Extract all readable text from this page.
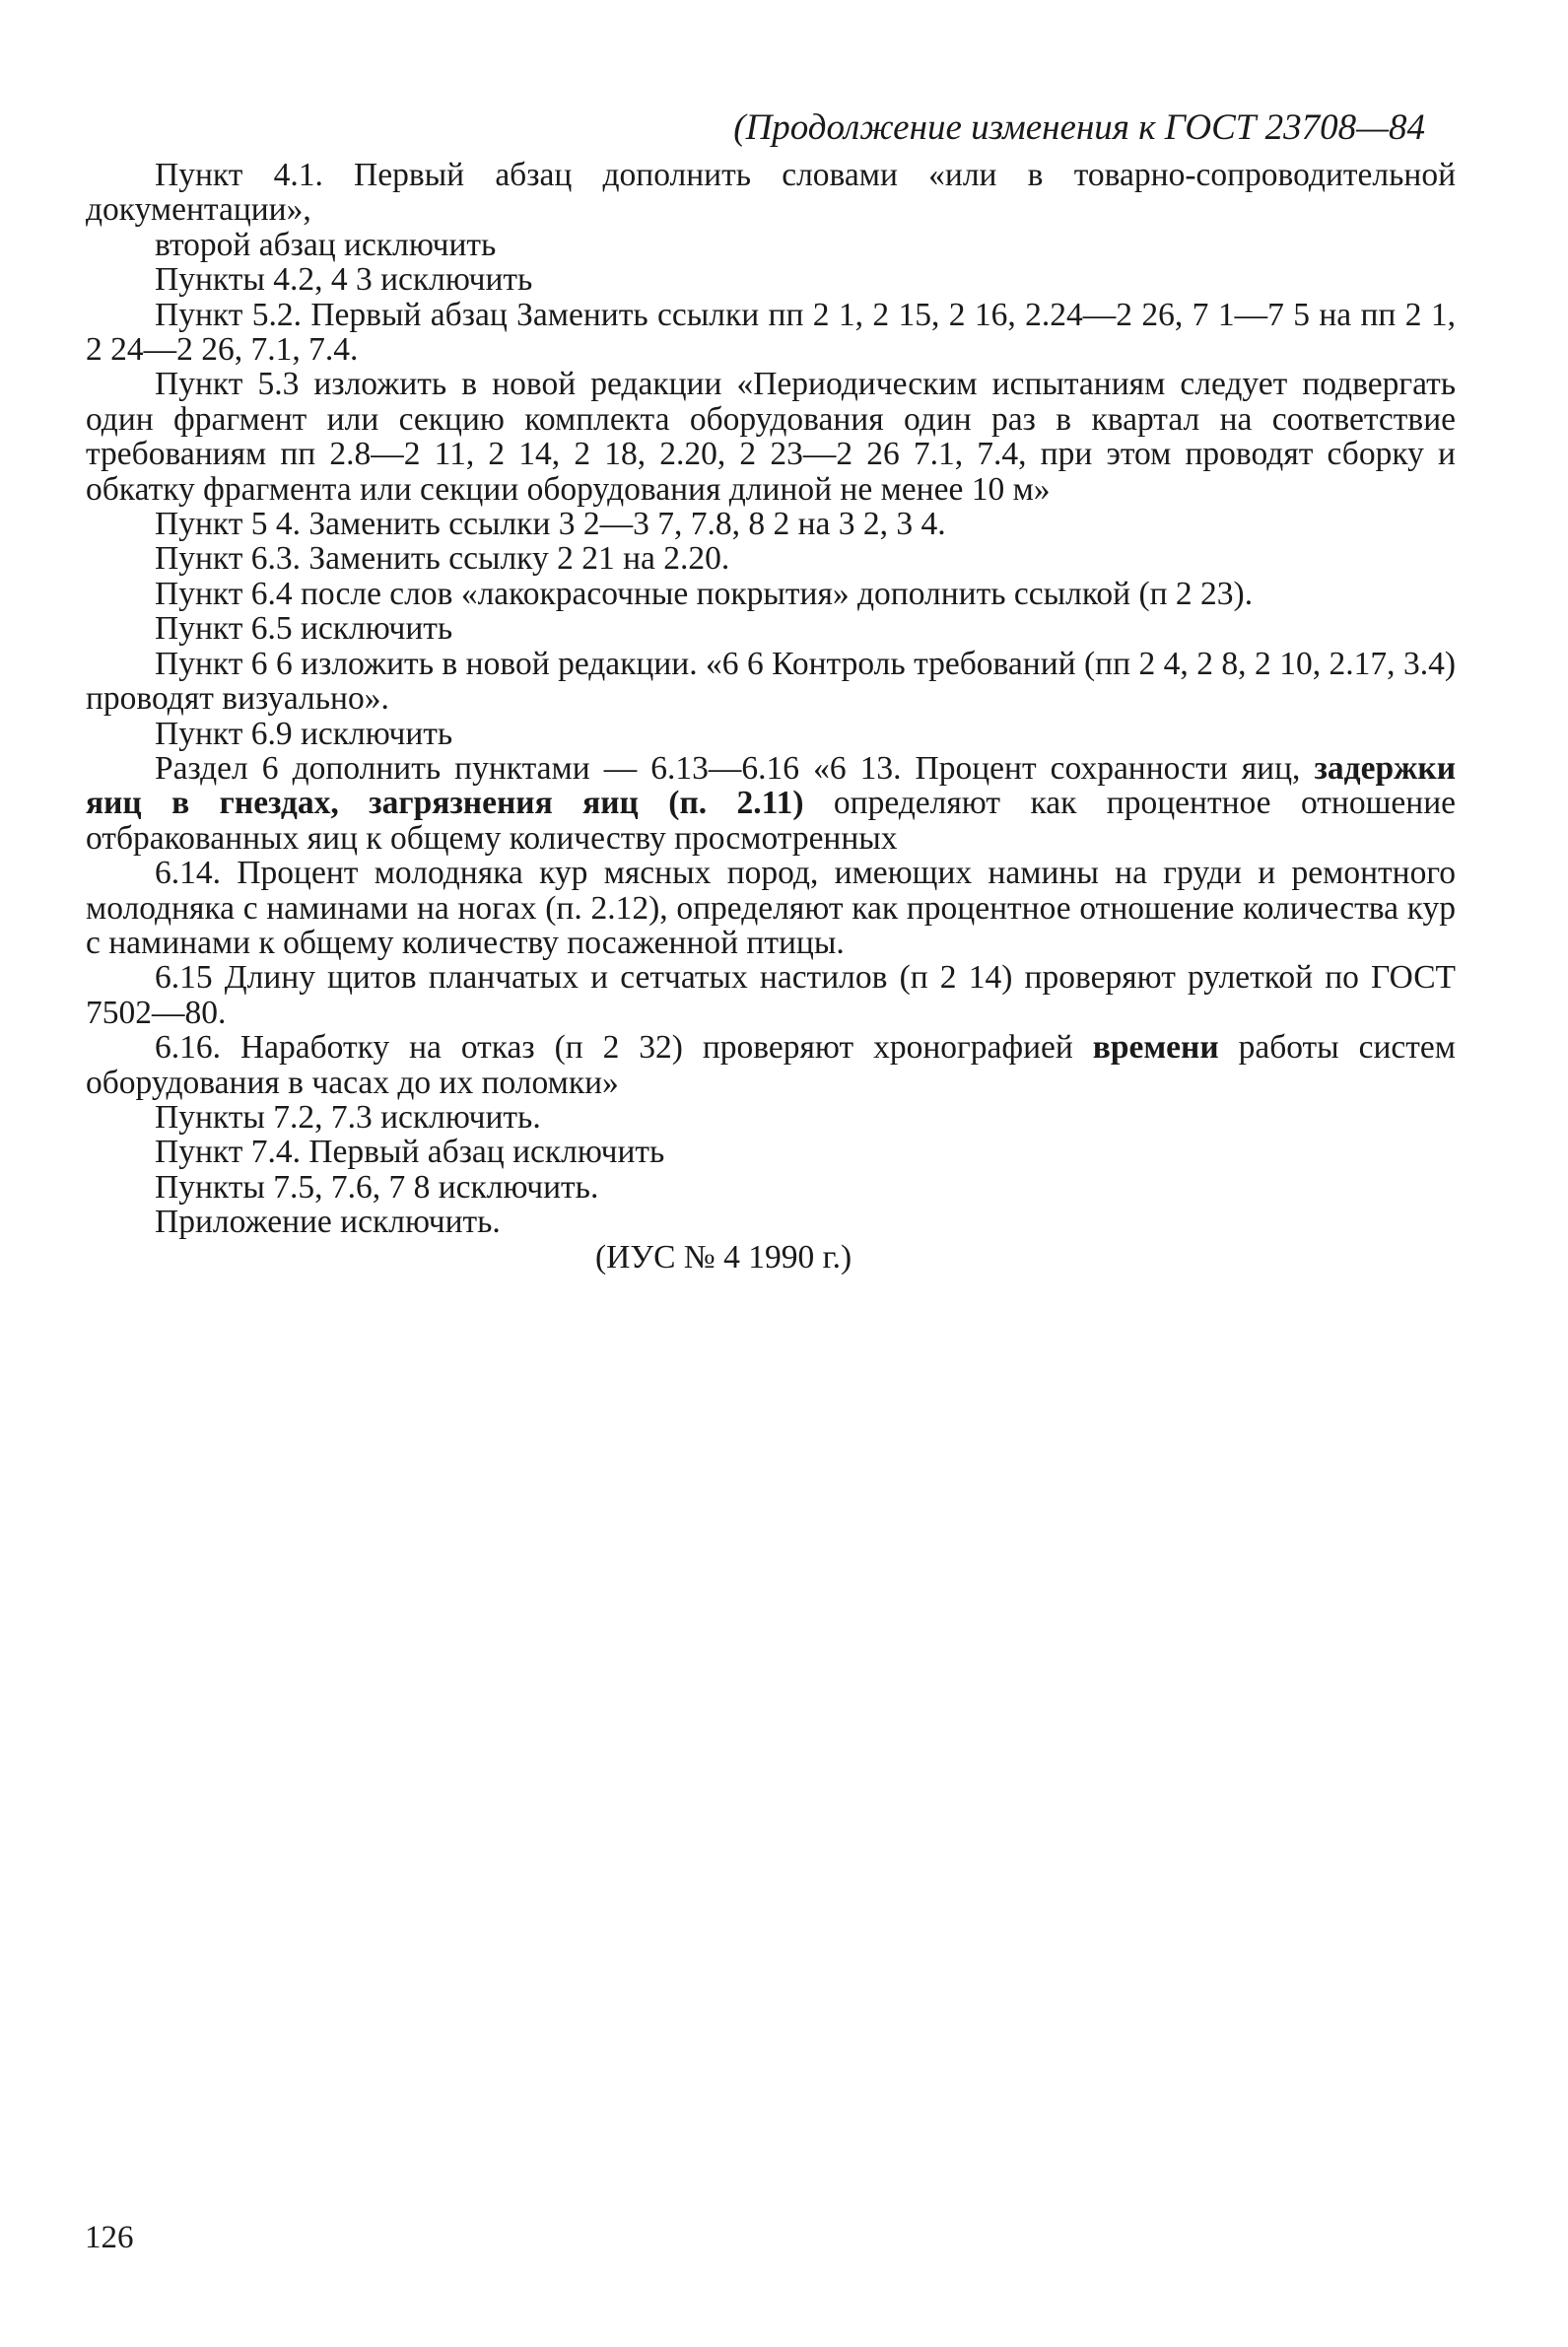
(Продолжение изменения к ГОСТ 23708—84

Пункт 4.1. Первый абзац дополнить словами «или в товарно-сопроводительной документации»,

второй абзац исключить

Пункты 4.2, 4 3 исключить

Пункт 5.2. Первый абзац Заменить ссылки пп 2 1, 2 15, 2 16, 2.24—2 26, 7 1—7 5 на пп 2 1, 2 24—2 26, 7.1, 7.4.

Пункт 5.3 изложить в новой редакции «Периодическим испытаниям следует подвергать один фрагмент или секцию комплекта оборудования один раз в квартал на соответствие требованиям пп 2.8—2 11, 2 14, 2 18, 2.20, 2 23—2 26 7.1, 7.4, при этом проводят сборку и обкатку фрагмента или секции оборудования длиной не менее 10 м»

Пункт 5 4. Заменить ссылки 3 2—3 7, 7.8, 8 2 на 3 2, 3 4.

Пункт 6.3. Заменить ссылку 2 21 на 2.20.

Пункт 6.4 после слов «лакокрасочные покрытия» дополнить ссылкой (п 2 23).

Пункт 6.5 исключить

Пункт 6 6 изложить в новой редакции. «6 6 Контроль требований (пп 2 4, 2 8, 2 10, 2.17, 3.4) проводят визуально».

Пункт 6.9 исключить

Раздел 6 дополнить пунктами — 6.13—6.16 «6 13. Процент сохранности яиц, задержки яиц в гнездах, загрязнения яиц (п. 2.11) определяют как процентное отношение отбракованных яиц к общему количеству просмотренных

6.14. Процент молодняка кур мясных пород, имеющих намины на груди и ремонтного молодняка с наминами на ногах (п. 2.12), определяют как процентное отношение количества кур с наминами к общему количеству посаженной птицы.

6.15 Длину щитов планчатых и сетчатых настилов (п 2 14) проверяют рулеткой по ГОСТ 7502—80.

6.16. Наработку на отказ (п 2 32) проверяют хронографией времени работы систем оборудования в часах до их поломки»

Пункты 7.2, 7.3 исключить.

Пункт 7.4. Первый абзац исключить

Пункты 7.5, 7.6, 7 8 исключить.

Приложение исключить.

(ИУС № 4 1990 г.)

126
